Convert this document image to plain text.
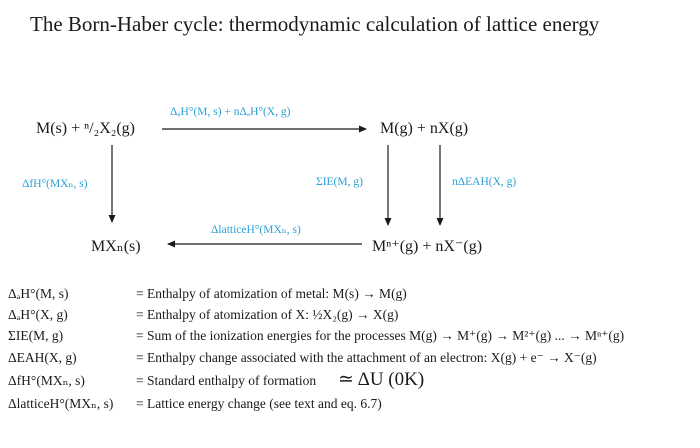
The Born-Haber cycle: thermodynamic calculation of lattice energy
M(s) + ⁿ/₂X₂(g)	M(g) + nX(g)
MXₙ(s)	Mⁿ⁺(g) + nX⁻(g)
ΔₐH°(M, s) + nΔₐH°(X, g)
ΔfH°(MXₙ, s)	ΣIE(M, g)	nΔEAH(X, g)
ΔlatticeH°(MXₙ, s)
ΔₐH°(M, s)	= Enthalpy of atomization of metal: M(s) → M(g)
ΔₐH°(X, g)	= Enthalpy of atomization of X: ½X₂(g) → X(g)
ΣIE(M, g)	= Sum of the ionization energies for the processes M(g) → M⁺(g) → M²⁺(g) ... → Mⁿ⁺(g)
ΔEAH(X, g)	= Enthalpy change associated with the attachment of an electron: X(g) + e⁻ → X⁻(g)
ΔfH°(MXₙ, s)	= Standard enthalpy of formation ≃ ΔU (0K)
ΔlatticeH°(MXₙ, s) = Lattice energy change (see text and eq. 6.7)
